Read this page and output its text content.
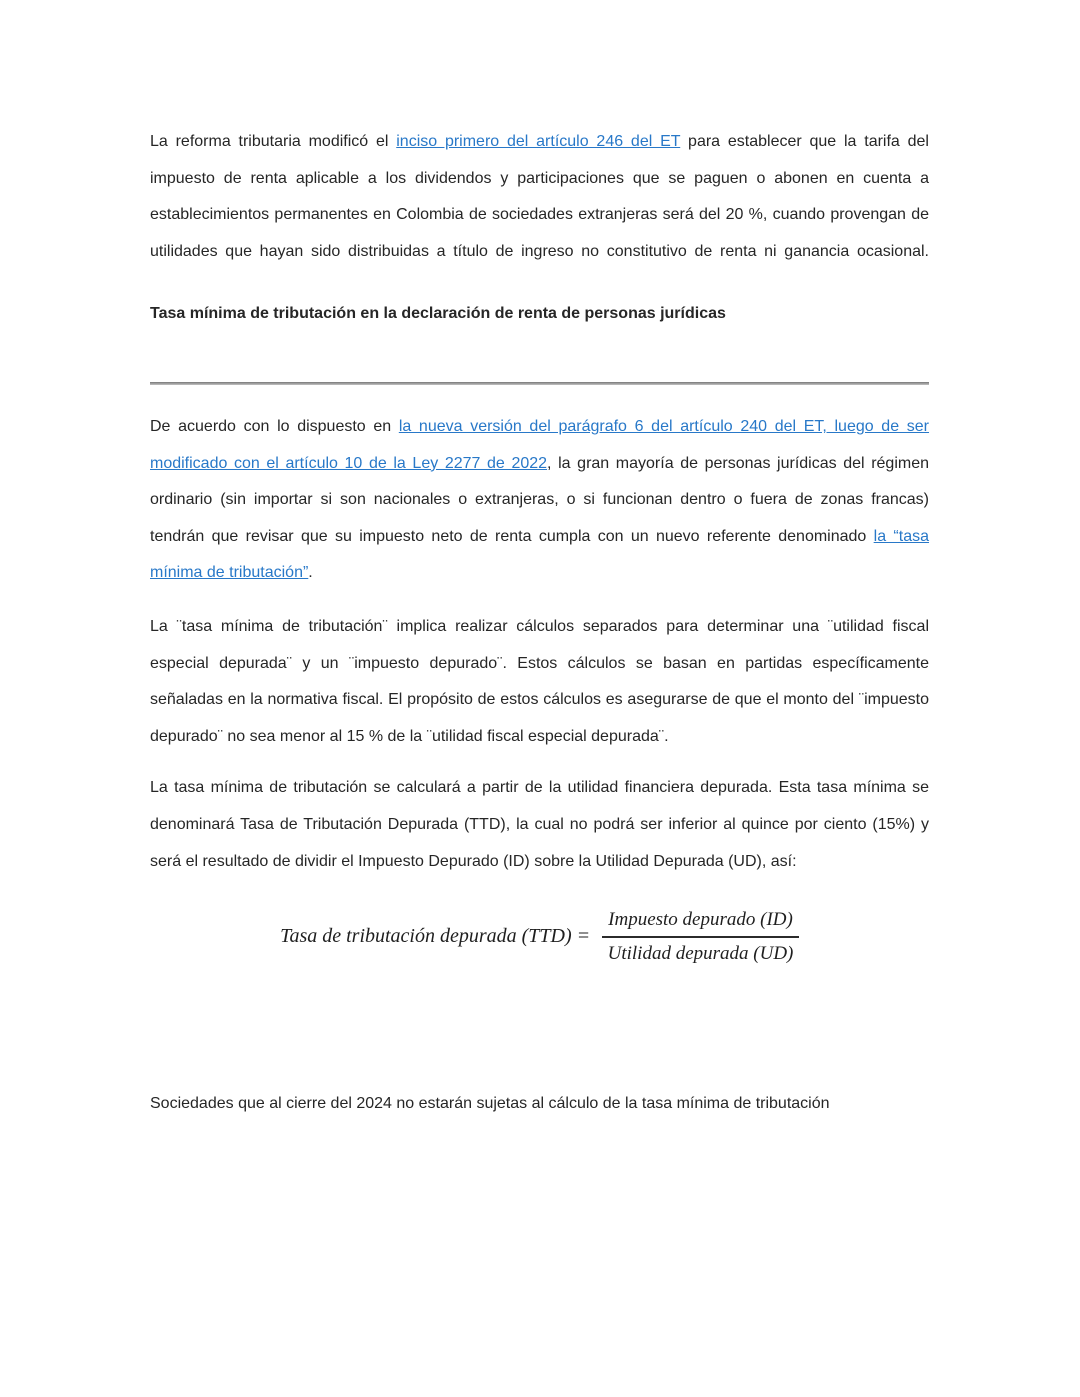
La reforma tributaria modificó el inciso primero del artículo 246 del ET para establecer que la tarifa del impuesto de renta aplicable a los dividendos y participaciones que se paguen o abonen en cuenta a establecimientos permanentes en Colombia de sociedades extranjeras será del 20 %, cuando provengan de utilidades que hayan sido distribuidas a título de ingreso no constitutivo de renta ni ganancia ocasional.

Tasa mínima de tributación en la declaración de renta de personas jurídicas

De acuerdo con lo dispuesto en la nueva versión del parágrafo 6 del artículo 240 del ET, luego de ser modificado con el artículo 10 de la Ley 2277 de 2022, la gran mayoría de personas jurídicas del régimen ordinario (sin importar si son nacionales o extranjeras, o si funcionan dentro o fuera de zonas francas) tendrán que revisar que su impuesto neto de renta cumpla con un nuevo referente denominado la “tasa mínima de tributación”.

La ¨tasa mínima de tributación¨ implica realizar cálculos separados para determinar una ¨utilidad fiscal especial depurada¨ y un ¨impuesto depurado¨. Estos cálculos se basan en partidas específicamente señaladas en la normativa fiscal. El propósito de estos cálculos es asegurarse de que el monto del ¨impuesto depurado¨ no sea menor al 15 % de la ¨utilidad fiscal especial depurada¨.

La tasa mínima de tributación se calculará a partir de la utilidad financiera depurada. Esta tasa mínima se denominará Tasa de Tributación Depurada (TTD), la cual no podrá ser inferior al quince por ciento (15%) y será el resultado de dividir el Impuesto Depurado (ID) sobre la Utilidad Depurada (UD), así:

Tasa de tributación depurada $(TTD) = \frac{\text{Impuesto depurado (ID)}}{\text{Utilidad depurada (UD)}}$

Sociedades que al cierre del 2024 no estarán sujetas al cálculo de la tasa mínima de tributación
